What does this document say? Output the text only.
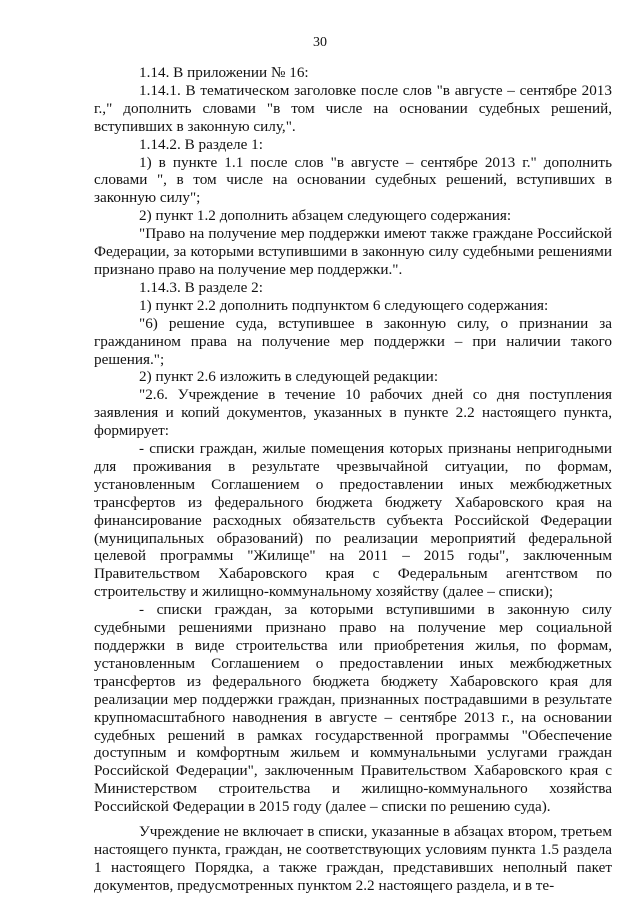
30

1.14. В приложении № 16:

1.14.1. В тематическом заголовке после слов "в августе – сентябре 2013 г.," дополнить словами "в том числе на основании судебных решений, вступивших в законную силу,".

1.14.2. В разделе 1:

1) в пункте 1.1 после слов "в августе – сентябре 2013 г." дополнить словами ", в том числе на основании судебных решений, вступивших в законную силу";

2) пункт 1.2 дополнить абзацем следующего содержания:

"Право на получение мер поддержки имеют также граждане Российской Федерации, за которыми вступившими в законную силу судебными решениями признано право на получение мер поддержки.".

1.14.3. В разделе 2:

1) пункт 2.2 дополнить подпунктом 6 следующего содержания:

"6) решение суда, вступившее в законную силу, о признании за гражданином права на получение мер поддержки – при наличии такого решения.";

2) пункт 2.6 изложить в следующей редакции:

"2.6. Учреждение в течение 10 рабочих дней со дня поступления заявления и копий документов, указанных в пункте 2.2 настоящего пункта, формирует:

- списки граждан, жилые помещения которых признаны непригодными для проживания в результате чрезвычайной ситуации, по формам, установленным Соглашением о предоставлении иных межбюджетных трансфертов из федерального бюджета бюджету Хабаровского края на финансирование расходных обязательств субъекта Российской Федерации (муниципальных образований) по реализации мероприятий федеральной целевой программы "Жилище" на 2011 – 2015 годы", заключенным Правительством Хабаровского края с Федеральным агентством по строительству и жилищно-коммунальному хозяйству (далее – списки);

- списки граждан, за которыми вступившими в законную силу судебными решениями признано право на получение мер социальной поддержки в виде строительства или приобретения жилья, по формам, установленным Соглашением о предоставлении иных межбюджетных трансфертов из федерального бюджета бюджету Хабаровского края для реализации мер поддержки граждан, признанных пострадавшими в результате крупномасштабного наводнения в августе – сентябре 2013 г., на основании судебных решений в рамках государственной программы "Обеспечение доступным и комфортным жильем и коммунальными услугами граждан Российской Федерации", заключенным Правительством Хабаровского края с Министерством строительства и жилищно-коммунального хозяйства Российской Федерации в 2015 году (далее – списки по решению суда).

Учреждение не включает в списки, указанные в абзацах втором, третьем настоящего пункта, граждан, не соответствующих условиям пункта 1.5 раздела 1 настоящего Порядка, а также граждан, представивших неполный пакет документов, предусмотренных пунктом 2.2 настоящего раздела, и в те-
